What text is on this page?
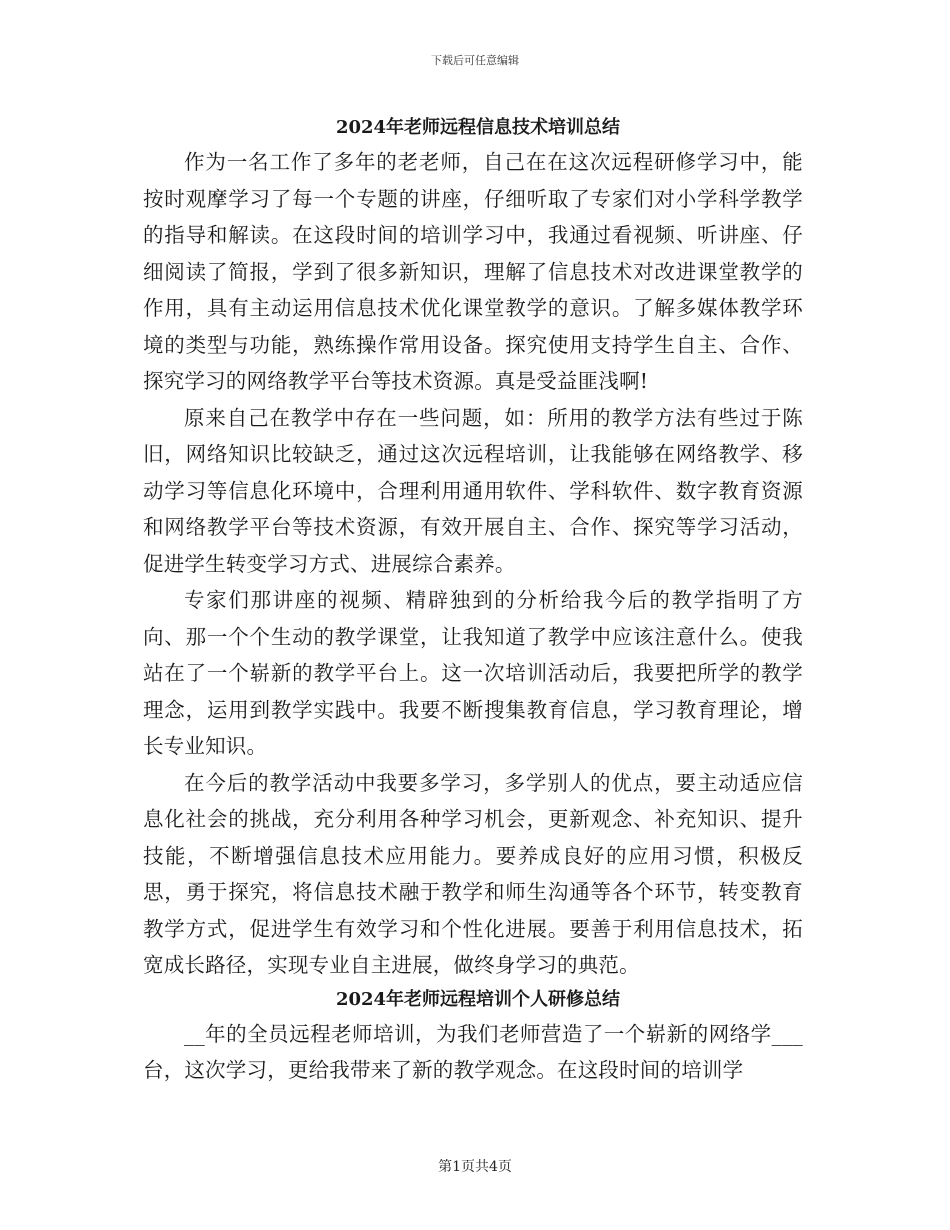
下载后可任意编辑
2024年老师远程信息技术培训总结

作为一名工作了多年的老老师，自己在在这次远程研修学习中，能按时观摩学习了每一个专题的讲座，仔细听取了专家们对小学科学教学的指导和解读。在这段时间的培训学习中，我通过看视频、听讲座、仔细阅读了简报，学到了很多新知识，理解了信息技术对改进课堂教学的作用，具有主动运用信息技术优化课堂教学的意识。了解多媒体教学环境的类型与功能，熟练操作常用设备。探究使用支持学生自主、合作、探究学习的网络教学平台等技术资源。真是受益匪浅啊!

原来自己在教学中存在一些问题，如：所用的教学方法有些过于陈旧，网络知识比较缺乏，通过这次远程培训，让我能够在网络教学、移动学习等信息化环境中，合理利用通用软件、学科软件、数字教育资源和网络教学平台等技术资源，有效开展自主、合作、探究等学习活动，促进学生转变学习方式、进展综合素养。

专家们那讲座的视频、精辟独到的分析给我今后的教学指明了方向、那一个个生动的教学课堂，让我知道了教学中应该注意什么。使我站在了一个崭新的教学平台上。这一次培训活动后，我要把所学的教学理念，运用到教学实践中。我要不断搜集教育信息，学习教育理论，增长专业知识。

在今后的教学活动中我要多学习，多学别人的优点，要主动适应信息化社会的挑战，充分利用各种学习机会，更新观念、补充知识、提升技能，不断增强信息技术应用能力。要养成良好的应用习惯，积极反思，勇于探究，将信息技术融于教学和师生沟通等各个环节，转变教育教学方式，促进学生有效学习和个性化进展。要善于利用信息技术，拓宽成长路径，实现专业自主进展，做终身学习的典范。

2024年老师远程培训个人研修总结

__年的全员远程老师培训，为我们老师营造了一个崭新的网络学___台，这次学习，更给我带来了新的教学观念。在这段时间的培训学

第1页共4页
